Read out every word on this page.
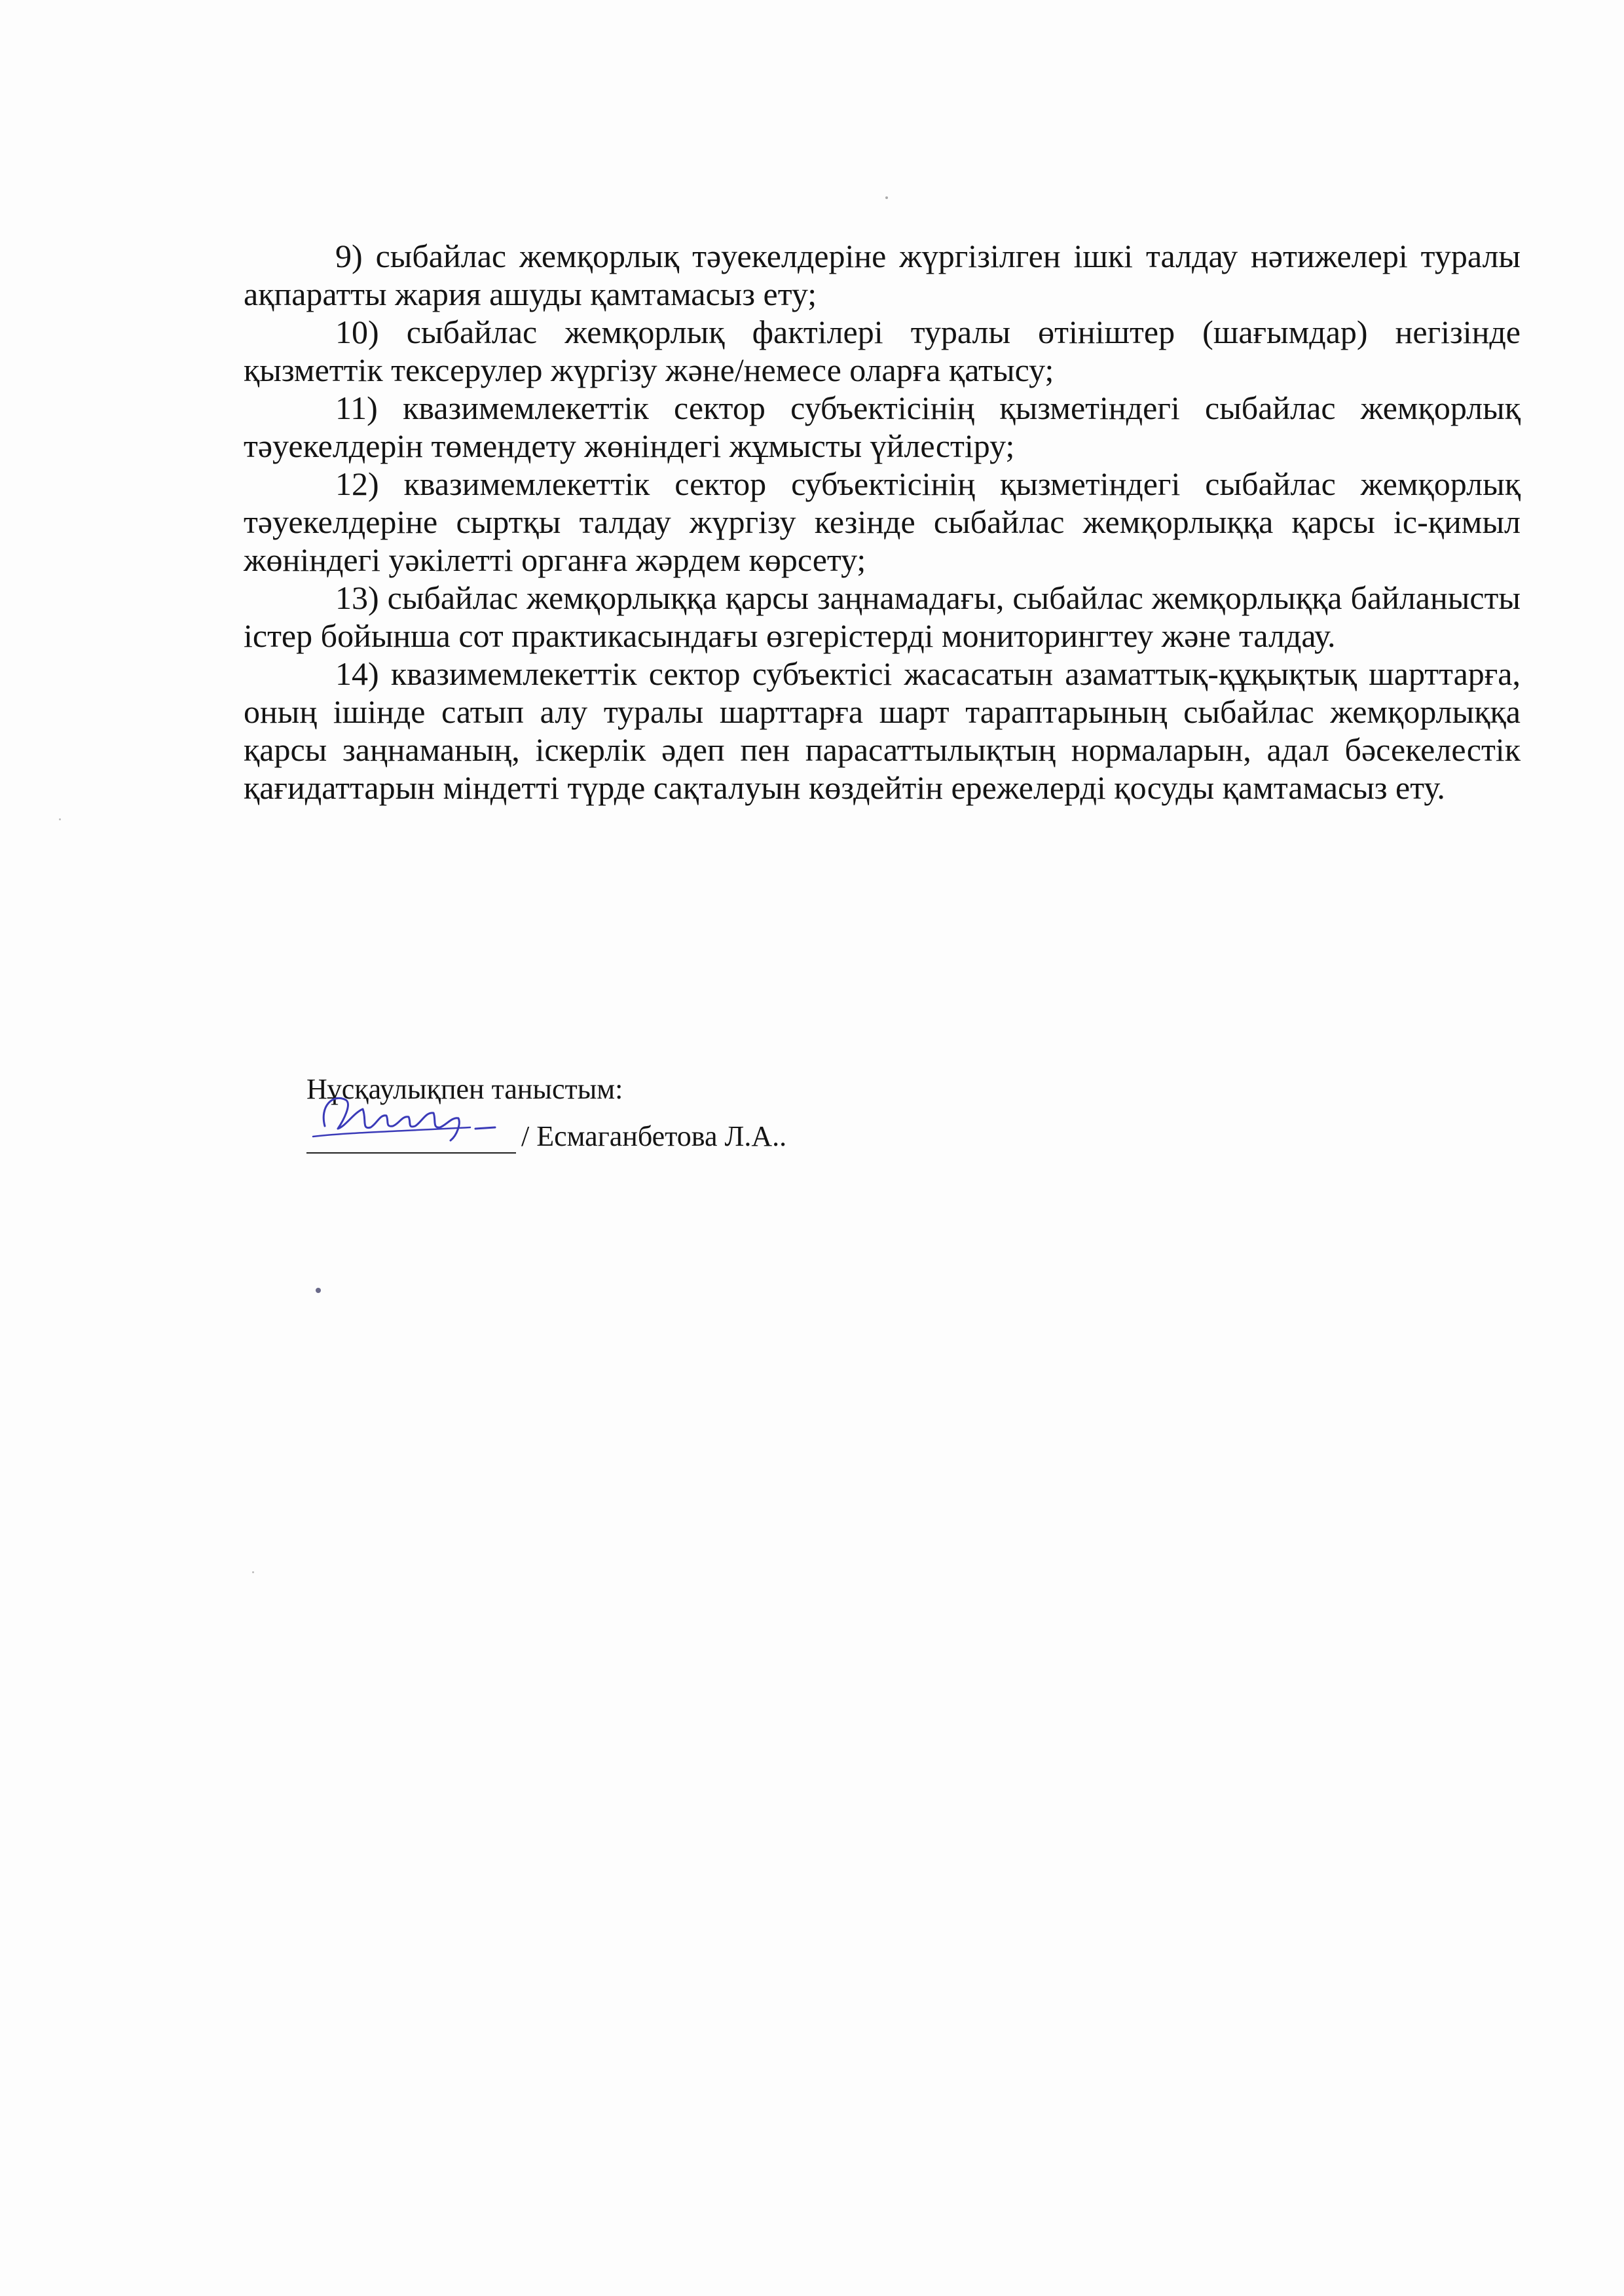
9) сыбайлас жемқорлық тәуекелдеріне жүргізілген ішкі талдау нәтижелері туралы ақпаратты жария ашуды қамтамасыз ету;

10) сыбайлас жемқорлық фактілері туралы өтініштер (шағымдар) негізінде қызметтік тексерулер жүргізу және/немесе оларға қатысу;

11) квазимемлекеттік сектор субъектісінің қызметіндегі сыбайлас жемқорлық тәуекелдерін төмендету жөніндегі жұмысты үйлестіру;

12) квазимемлекеттік сектор субъектісінің қызметіндегі сыбайлас жемқорлық тәуекелдеріне сыртқы талдау жүргізу кезінде сыбайлас жемқорлыққа қарсы іс-қимыл жөніндегі уәкілетті органға жәрдем көрсету;

13) сыбайлас жемқорлыққа қарсы заңнамадағы, сыбайлас жемқорлыққа байланысты істер бойынша сот практикасындағы өзгерістерді мониторингтеу және талдау.

14) квазимемлекеттік сектор субъектісі жасасатын азаматтық-құқықтық шарттарға, оның ішінде сатып алу туралы шарттарға шарт тараптарының сыбайлас жемқорлыққа қарсы заңнаманың, іскерлік әдеп пен парасаттылықтың нормаларын, адал бәсекелестік қағидаттарын міндетті түрде сақталуын көздейтін ережелерді қосуды қамтамасыз ету.

Нұсқаулықпен таныстым:
/ Есмаганбетова Л.А..
